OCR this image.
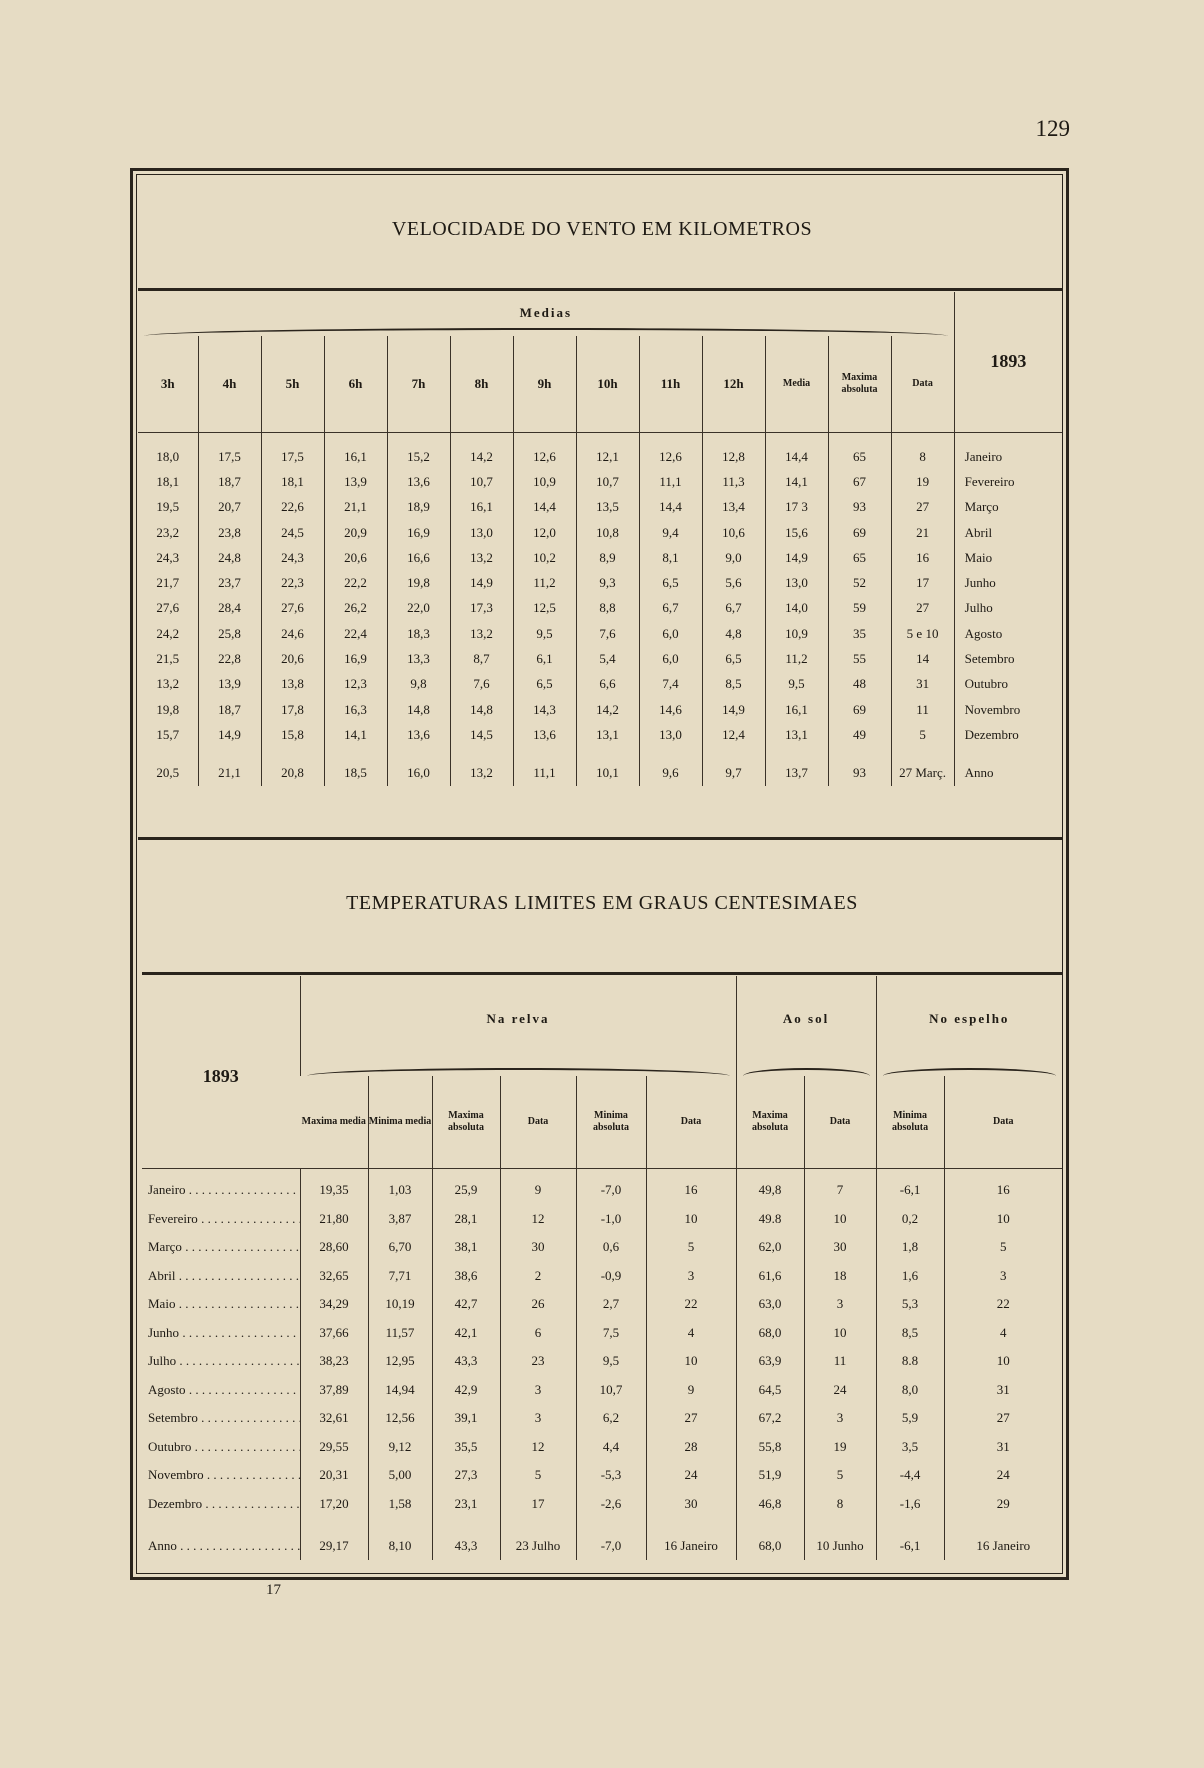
129
VELOCIDADE DO VENTO EM KILOMETROS
Medias													1893
3h	4h	5h	6h	7h	8h	9h	10h	11h	12h	Media	Maxima absoluta	Data	

18,0	17,5	17,5	16,1	15,2	14,2	12,6	12,1	12,6	12,8	14,4	65	8	Janeiro
18,1	18,7	18,1	13,9	13,6	10,7	10,9	10,7	11,1	11,3	14,1	67	19	Fevereiro
19,5	20,7	22,6	21,1	18,9	16,1	14,4	13,5	14,4	13,4	17 3	93	27	Março
23,2	23,8	24,5	20,9	16,9	13,0	12,0	10,8	9,4	10,6	15,6	69	21	Abril
24,3	24,8	24,3	20,6	16,6	13,2	10,2	8,9	8,1	9,0	14,9	65	16	Maio
21,7	23,7	22,3	22,2	19,8	14,9	11,2	9,3	6,5	5,6	13,0	52	17	Junho
27,6	28,4	27,6	26,2	22,0	17,3	12,5	8,8	6,7	6,7	14,0	59	27	Julho
24,2	25,8	24,6	22,4	18,3	13,2	9,5	7,6	6,0	4,8	10,9	35	5 e 10	Agosto
21,5	22,8	20,6	16,9	13,3	8,7	6,1	5,4	6,0	6,5	11,2	55	14	Setembro
13,2	13,9	13,8	12,3	9,8	7,6	6,5	6,6	7,4	8,5	9,5	48	31	Outubro
19,8	18,7	17,8	16,3	14,8	14,8	14,3	14,2	14,6	14,9	16,1	69	11	Novembro
15,7	14,9	15,8	14,1	13,6	14,5	13,6	13,1	13,0	12,4	13,1	49	5	Dezembro

20,5	21,1	20,8	18,5	16,0	13,2	11,1	10,1	9,6	9,7	13,7	93	27 Març.	Anno
TEMPERATURAS LIMITES EM GRAUS CENTESIMAES
1893	Na relva						Ao sol		No espelho	

	Maxima media	Minima media	Maxima absoluta	Data	Minima absoluta	Data	Maxima absoluta	Data	Minima absoluta	Data

Janeiro . . .	19,35	1,03	25,9	9	-7,0	16	49,8	7	-6,1	16
Fevereiro . . .	21,80	3,87	28,1	12	-1,0	10	49.8	10	0,2	10
Março . . .	28,60	6,70	38,1	30	0,6	5	62,0	30	1,8	5
Abril . . .	32,65	7,71	38,6	2	-0,9	3	61,6	18	1,6	3
Maio . . .	34,29	10,19	42,7	26	2,7	22	63,0	3	5,3	22
Junho . . .	37,66	11,57	42,1	6	7,5	4	68,0	10	8,5	4
Julho . . .	38,23	12,95	43,3	23	9,5	10	63,9	11	8.8	10
Agosto . . .	37,89	14,94	42,9	3	10,7	9	64,5	24	8,0	31
Setembro . . .	32,61	12,56	39,1	3	6,2	27	67,2	3	5,9	27
Outubro . . .	29,55	9,12	35,5	12	4,4	28	55,8	19	3,5	31
Novembro . . .	20,31	5,00	27,3	5	-5,3	24	51,9	5	-4,4	24
Dezembro . . .	17,20	1,58	23,1	17	-2,6	30	46,8	8	-1,6	29

Anno . . .	29,17	8,10	43,3	23 Julho	-7,0	16 Janeiro	68,0	10 Junho	-6,1	16 Janeiro
17
